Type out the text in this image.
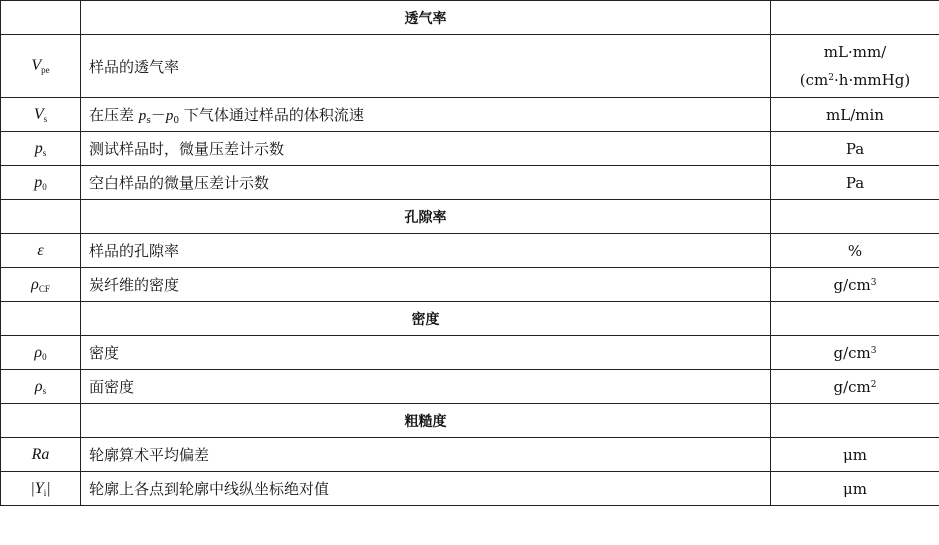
	透气率	
$V_{pe}$	样品的透气率	mL·mm/
$(cm^2\cdot h\cdot mmHg)$

$V_s$	在压差 $p_s-p_0$ 下气体通过样品的体积流速	mL/min
$p_s$	测试样品时，微量压差计示数	Pa
$p_0$	空白样品的微量压差计示数	Pa
	孔隙率	
ε	样品的孔隙率	%
$\rho_{CF}$	炭纤维的密度	$g/cm^3$
	密度	
$\rho_0$	密度	$g/cm^3$
$\rho_s$	面密度	$g/cm^2$
	粗糙度	
Ra	轮廓算术平均偏差	μm
$|Y_i|$	轮廓上各点到轮廓中线纵坐标绝对值	μm
